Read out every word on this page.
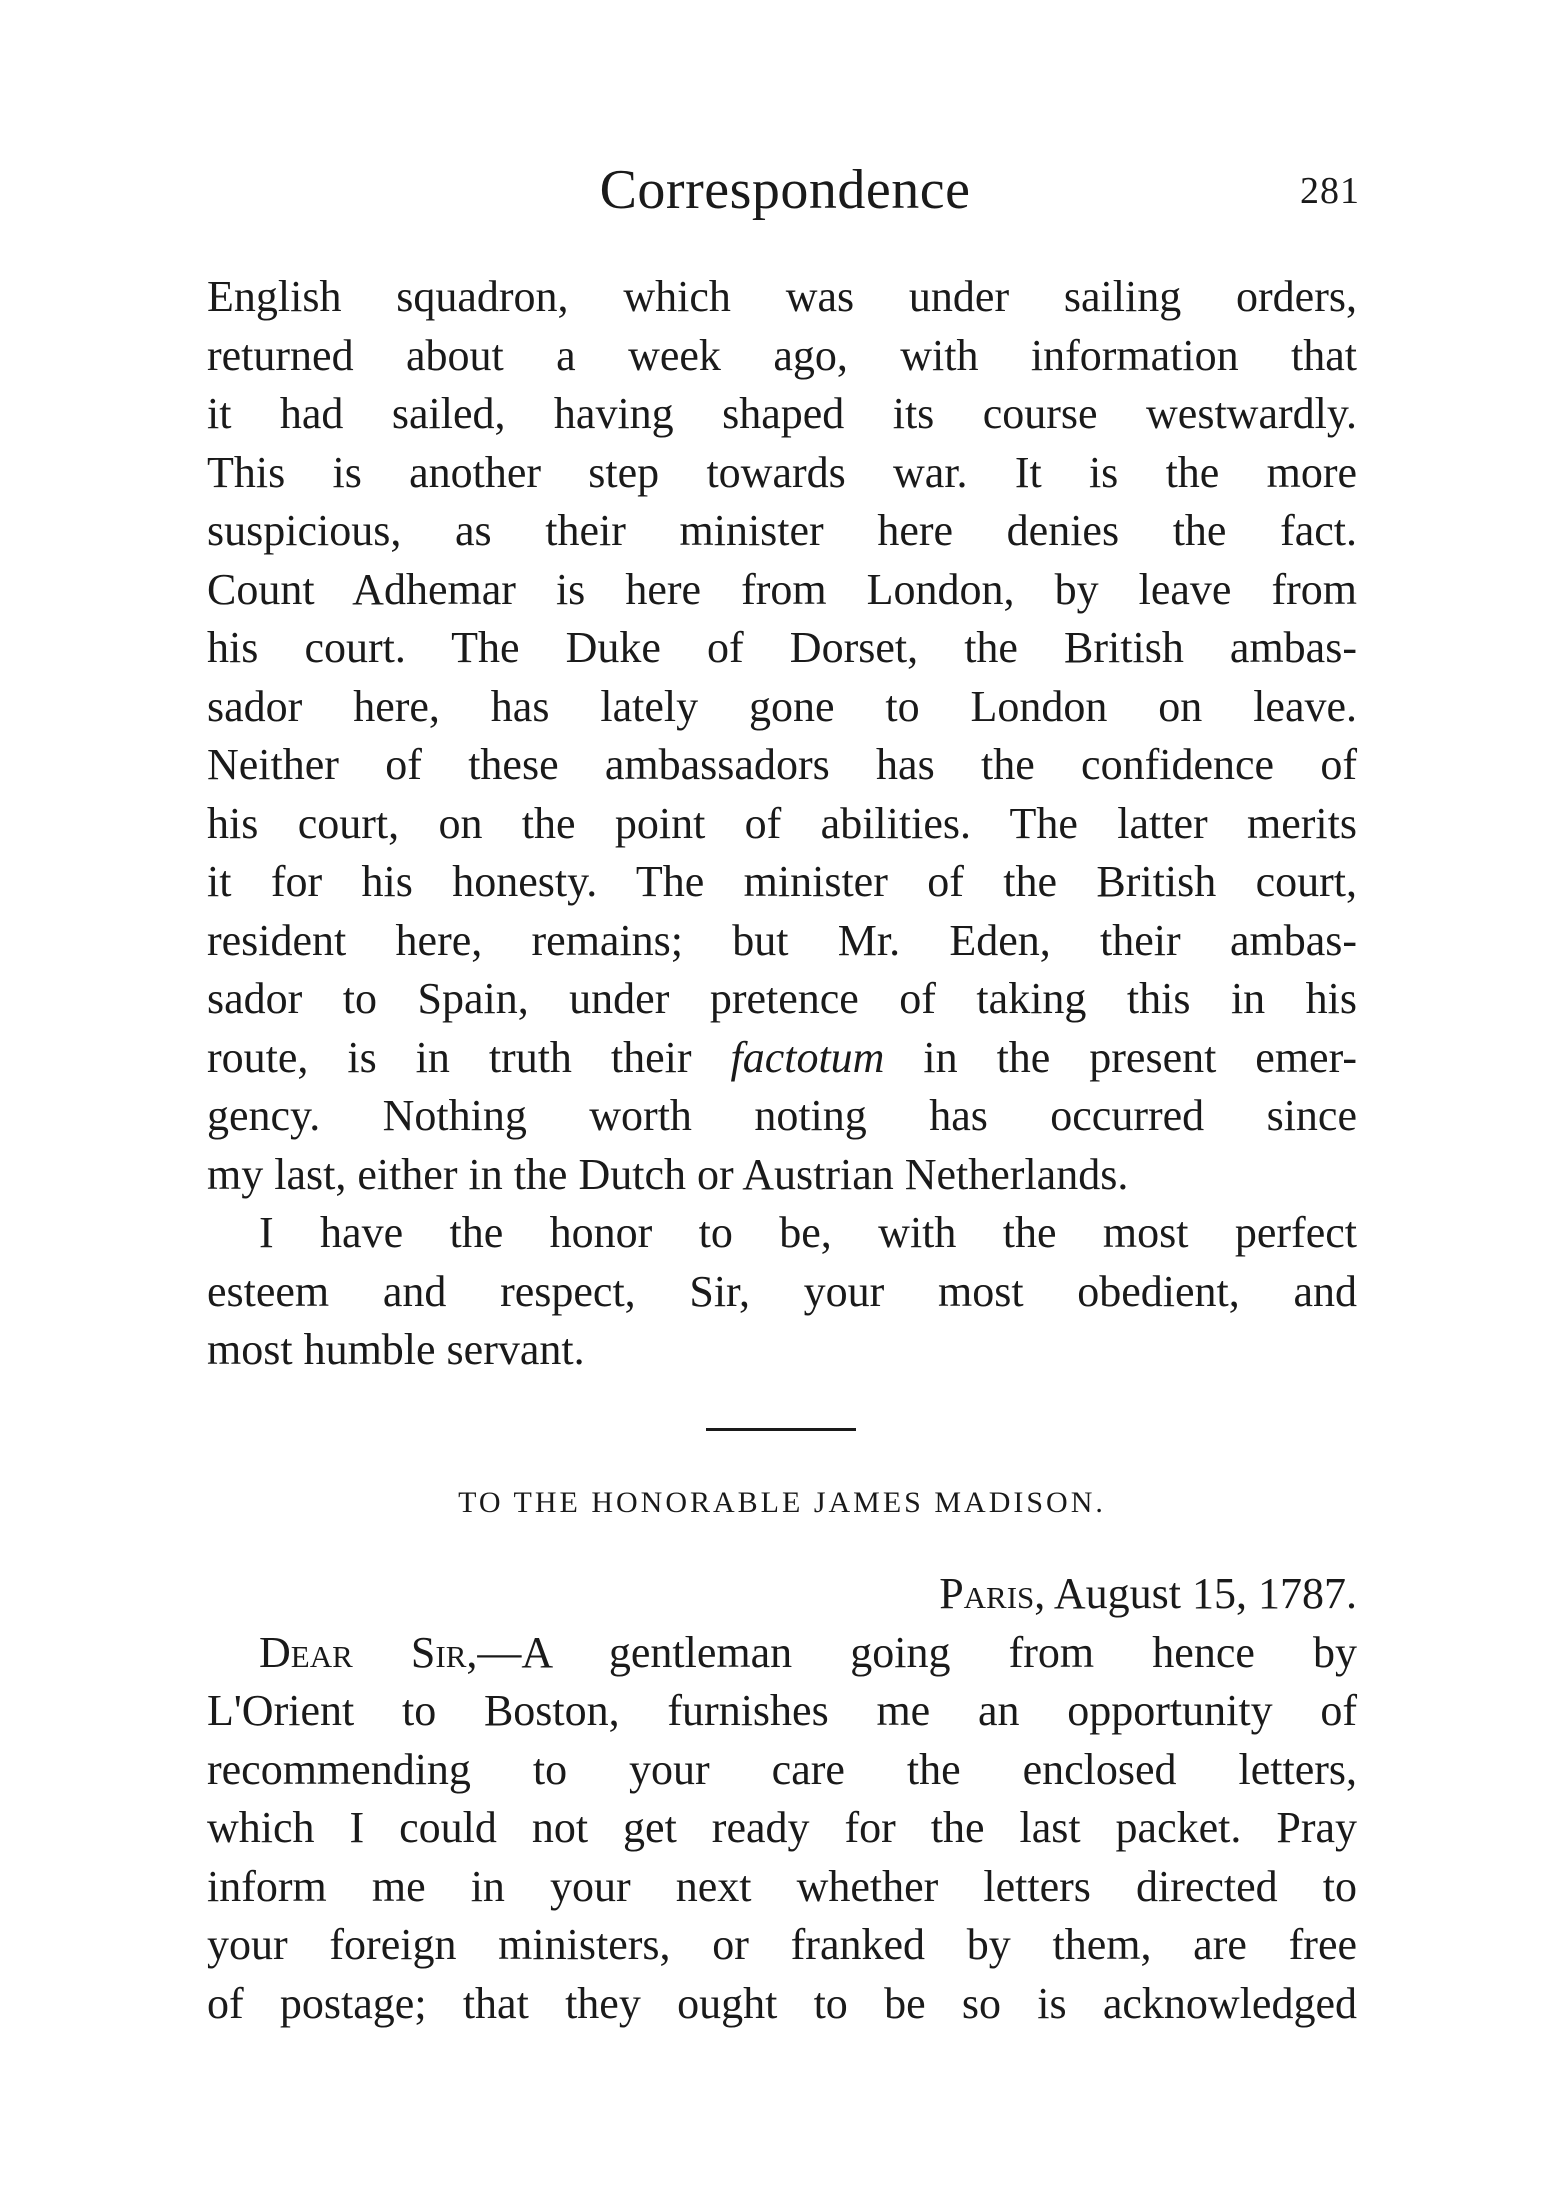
Correspondence	281
English squadron, which was under sailing orders,
returned about a week ago, with information that
it had sailed, having shaped its course westwardly.
This is another step towards war. It is the more
suspicious, as their minister here denies the fact.
Count Adhemar is here from London, by leave from
his court. The Duke of Dorset, the British ambas-
sador here, has lately gone to London on leave.
Neither of these ambassadors has the confidence of
his court, on the point of abilities. The latter merits
it for his honesty. The minister of the British court,
resident here, remains; but Mr. Eden, their ambas-
sador to Spain, under pretence of taking this in his
route, is in truth their factotum in the present emer-
gency. Nothing worth noting has occurred since
my last, either in the Dutch or Austrian Netherlands.
I have the honor to be, with the most perfect
esteem and respect, Sir, your most obedient, and
most humble servant.
TO THE HONORABLE JAMES MADISON.
Paris, August 15, 1787.
Dear Sir,—A gentleman going from hence by
L'Orient to Boston, furnishes me an opportunity of
recommending to your care the enclosed letters,
which I could not get ready for the last packet. Pray
inform me in your next whether letters directed to
your foreign ministers, or franked by them, are free
of postage; that they ought to be so is acknowledged
